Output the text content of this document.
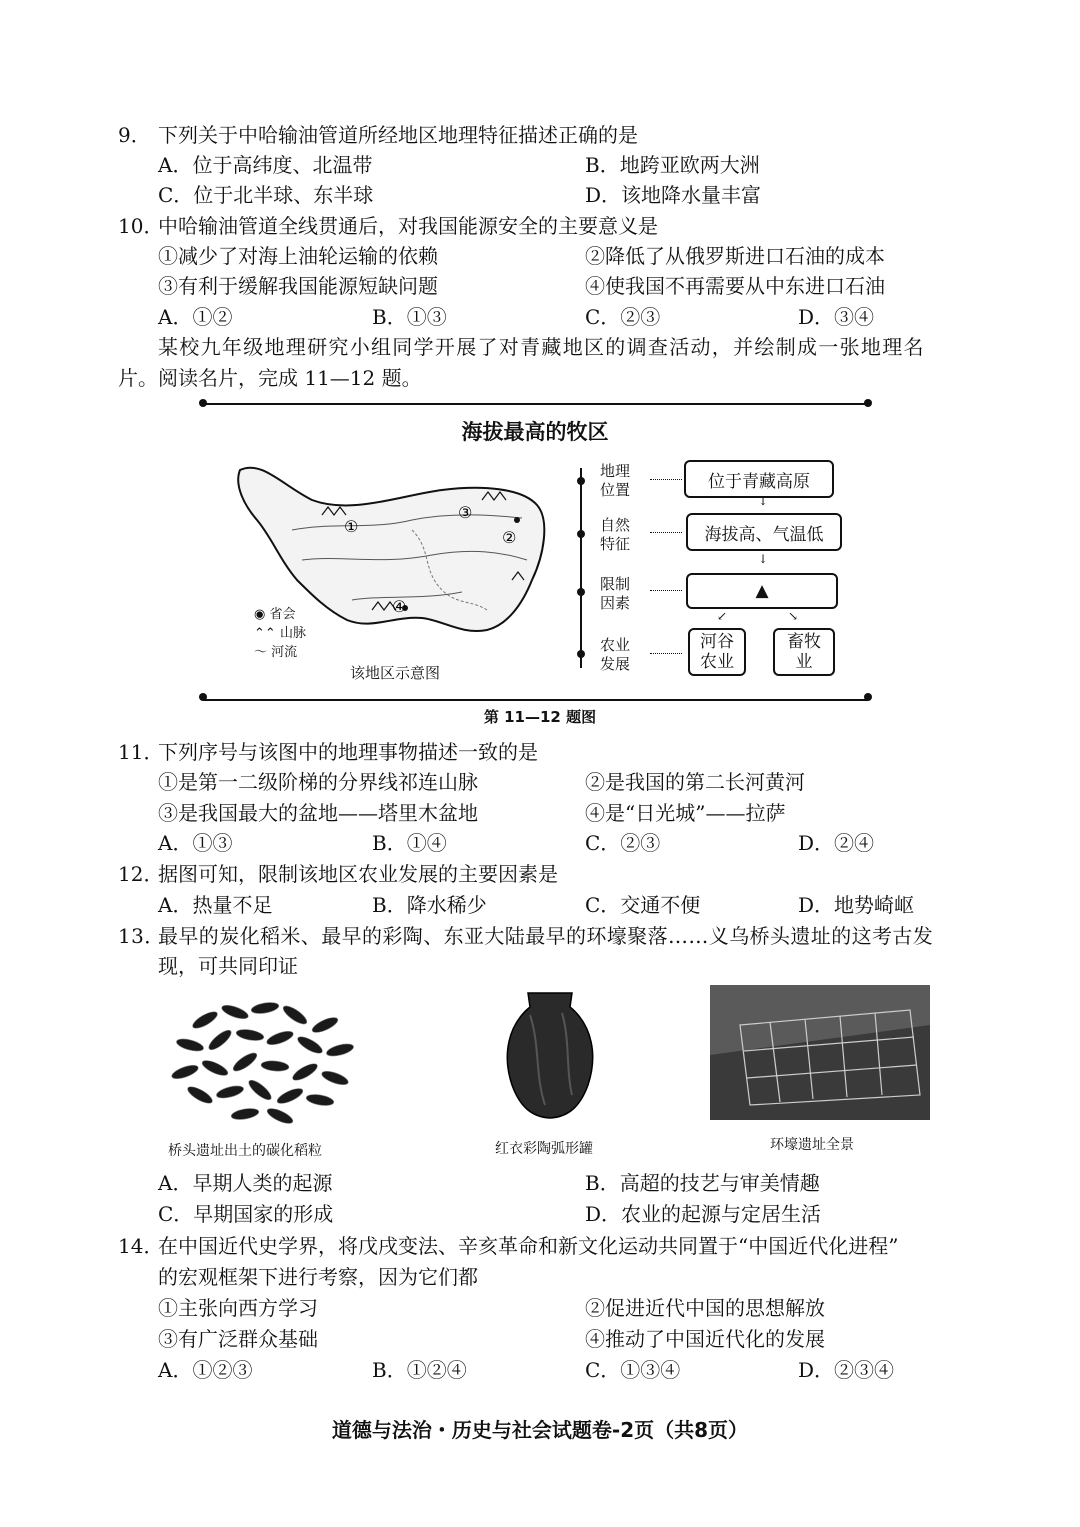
9． 下列关于中哈输油管道所经地区地理特征描述正确的是
A．位于高纬度、北温带	B．地跨亚欧两大洲
C．位于北半球、东半球	D．该地降水量丰富
10．中哈输油管道全线贯通后，对我国能源安全的主要意义是
①减少了对海上油轮运输的依赖	②降低了从俄罗斯进口石油的成本
③有利于缓解我国能源短缺问题	④使我国不再需要从中东进口石油
A．①②	B．①③	C．②③	D．③④
某校九年级地理研究小组同学开展了对青藏地区的调查活动，并绘制成一张地理名
片。阅读名片，完成 11—12 题。
海拔最高的牧区
①
②
③
④
◉ 省会
⌃⌃ 山脉
〜 河流
该地区示意图
地理位置
自然特征
限制因素
农业发展
位于青藏高原
↓
海拔高、气温低
↓
▲
↙	↘
河谷农业
畜牧业
第 11—12 题图
11．下列序号与该图中的地理事物描述一致的是
①是第一二级阶梯的分界线祁连山脉	②是我国的第二长河黄河
③是我国最大的盆地——塔里木盆地	④是“日光城”——拉萨
A．①③	B．①④	C．②③	D．②④
12．据图可知，限制该地区农业发展的主要因素是
A．热量不足	B．降水稀少	C．交通不便	D．地势崎岖
13．最早的炭化稻米、最早的彩陶、东亚大陆最早的环壕聚落……义乌桥头遗址的这考古发
现，可共同印证
桥头遗址出土的碳化稻粒	红衣彩陶弧形罐	环壕遗址全景
A．早期人类的起源	B．高超的技艺与审美情趣
C．早期国家的形成	D．农业的起源与定居生活
14．在中国近代史学界，将戊戌变法、辛亥革命和新文化运动共同置于“中国近代化进程”
的宏观框架下进行考察，因为它们都
①主张向西方学习	②促进近代中国的思想解放
③有广泛群众基础	④推动了中国近代化的发展
A．①②③	B．①②④	C．①③④	D．②③④
道德与法治・历史与社会试题卷-2页（共8页）
